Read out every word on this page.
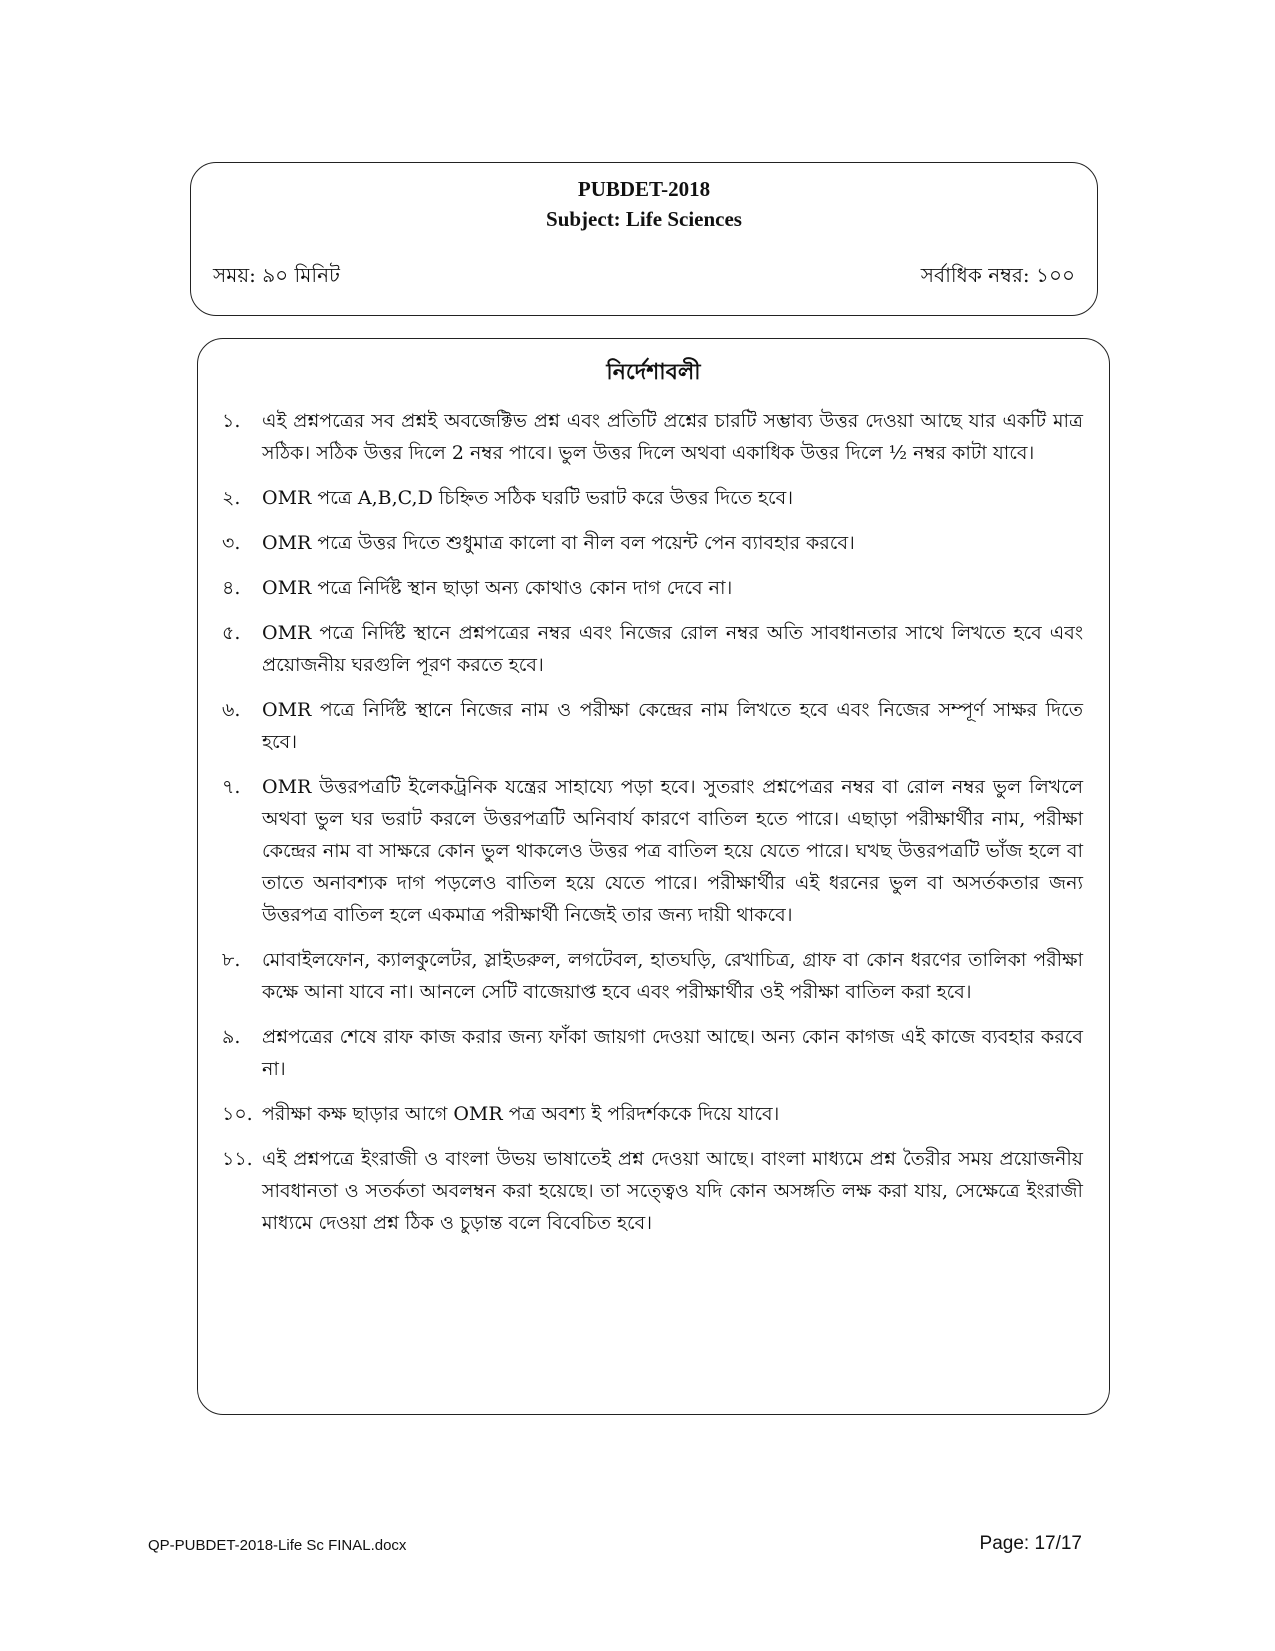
PUBDET-2018
Subject: Life Sciences
সময়: ৯০ মিনিট	সর্বাধিক নম্বর: ১০০
নির্দেশাবলী
১.	এই প্রশ্নপত্রের সব প্রশ্নই অবজেক্টিভ প্রশ্ন এবং প্রতিটি প্রশ্নের চারটি সম্ভাব্য উত্তর দেওয়া আছে যার একটি মাত্র সঠিক। সঠিক উত্তর দিলে 2 নম্বর পাবে। ভুল উত্তর দিলে অথবা একাধিক উত্তর দিলে ½ নম্বর কাটা যাবে।
২.	OMR পত্রে A,B,C,D চিহ্নিত সঠিক ঘরটি ভরাট করে উত্তর দিতে হবে।
৩.	OMR পত্রে উত্তর দিতে শুধুমাত্র কালো বা নীল বল পয়েন্ট পেন ব্যাবহার করবে।
৪.	OMR পত্রে নির্দিষ্ট স্থান ছাড়া অন্য কোথাও কোন দাগ দেবে না।
৫.	OMR পত্রে নির্দিষ্ট স্থানে প্রশ্নপত্রের নম্বর এবং নিজের রোল নম্বর অতি সাবধানতার সাথে লিখতে হবে এবং প্রয়োজনীয় ঘরগুলি পূরণ করতে হবে।
৬.	OMR পত্রে নির্দিষ্ট স্থানে নিজের নাম ও পরীক্ষা কেন্দ্রের নাম লিখতে হবে এবং নিজের সম্পূর্ণ সাক্ষর দিতে হবে।
৭.	OMR উত্তরপত্রটি ইলেকট্রনিক যন্ত্রের সাহায্যে পড়া হবে। সুতরাং প্রশ্নপেত্রর নম্বর বা রোল নম্বর ভুল লিখলে অথবা ভুল ঘর ভরাট করলে উত্তরপত্রটি অনিবার্য কারণে বাতিল হতে পারে। এছাড়া পরীক্ষার্থীর নাম, পরীক্ষা কেন্দ্রের নাম বা সাক্ষরে কোন ভুল থাকলেও উত্তর পত্র বাতিল হয়ে যেতে পারে। ঘখছ উত্তরপত্রটি ভাঁজ হলে বা তাতে অনাবশ্যক দাগ পড়লেও বাতিল হয়ে যেতে পারে। পরীক্ষার্থীর এই ধরনের ভুল বা অসর্তকতার জন্য উত্তরপত্র বাতিল হলে একমাত্র পরীক্ষার্থী নিজেই তার জন্য দায়ী থাকবে।
৮.	মোবাইলফোন, ক্যালকুলেটর, স্লাইডরুল, লগটেবল, হাতঘড়ি, রেখাচিত্র, গ্রাফ বা কোন ধরণের তালিকা পরীক্ষা কক্ষে আনা যাবে না। আনলে সেটি বাজেয়াপ্ত হবে এবং পরীক্ষার্থীর ওই পরীক্ষা বাতিল করা হবে।
৯.	প্রশ্নপত্রের শেষে রাফ কাজ করার জন্য ফাঁকা জায়গা দেওয়া আছে। অন্য কোন কাগজ এই কাজে ব্যবহার করবে না।
১০. পরীক্ষা কক্ষ ছাড়ার আগে OMR পত্র অবশ্য ই পরিদর্শককে দিয়ে যাবে।
১১. এই প্রশ্নপত্রে ইংরাজী ও বাংলা উভয় ভাষাতেই প্রশ্ন দেওয়া আছে। বাংলা মাধ্যমে প্রশ্ন তৈরীর সময় প্রয়োজনীয় সাবধানতা ও সতর্কতা অবলম্বন করা হয়েছে। তা সত্ত্বেও যদি কোন অসঙ্গতি লক্ষ করা যায়, সেক্ষেত্রে ইংরাজী মাধ্যমে দেওয়া প্রশ্ন ঠিক ও চুড়ান্ত বলে বিবেচিত হবে।
QP-PUBDET-2018-Life Sc FINAL.docx	Page: 17/17
